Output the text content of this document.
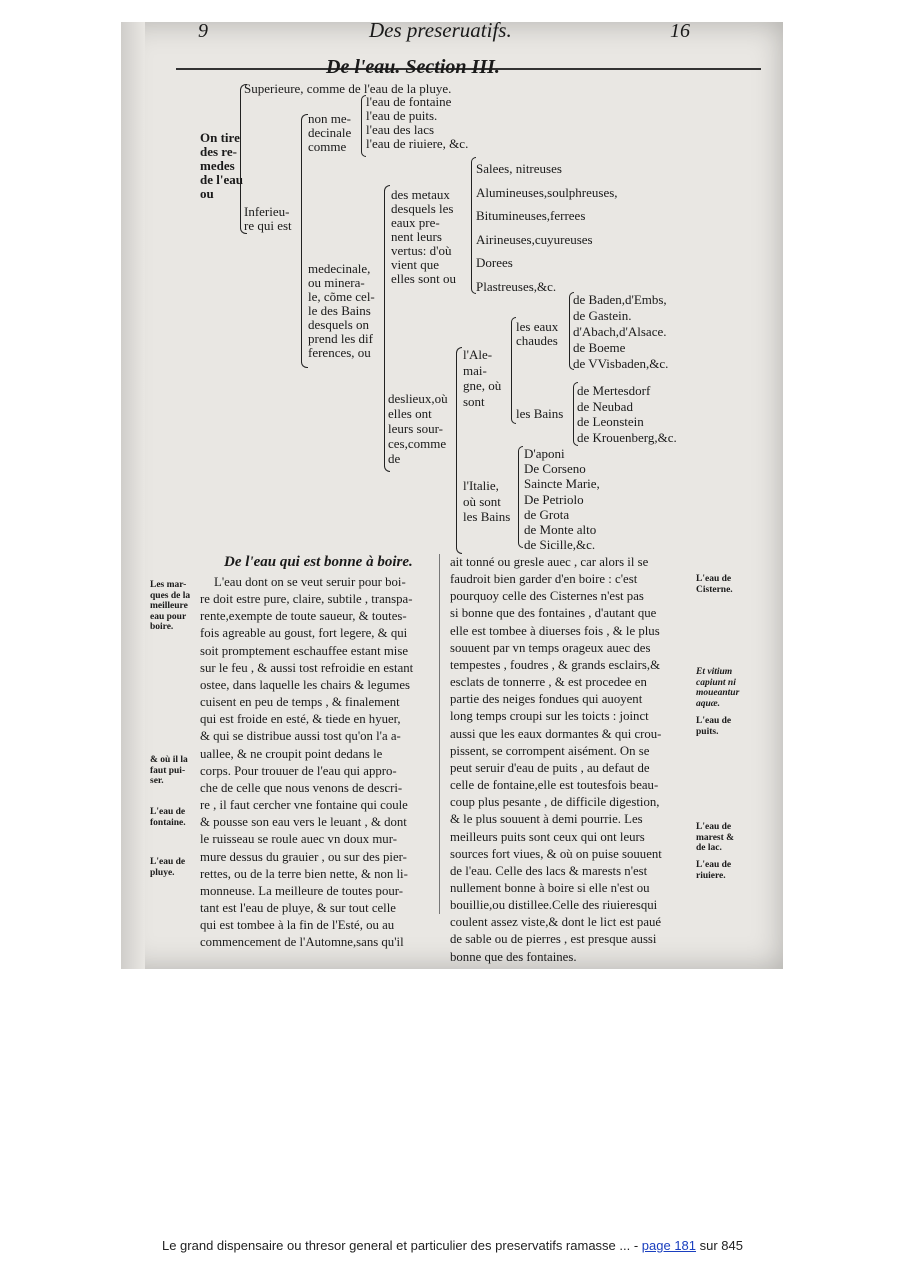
9	Des preseruatifs.	16
De l'eau. Section III.
On tire
des re-
medes
de l'eau
ou
Superieure, comme de l'eau de la pluye.
Inferieu-
re qui est
non me-
decinale
comme
l'eau de fontaine
l'eau de puits.
l'eau des lacs
l'eau de riuiere, &c.
medecinale,
ou minera-
le, cõme cel-
le des Bains
desquels on
prend les dif
ferences, ou
des metaux
desquels les
eaux pre-
nent leurs
vertus: d'où
vient que
elles sont ou
Salees, nitreuses
Alumineuses,soulphreuses,
Bitumineuses,ferrees
Airineuses,cuyureuses
Dorees
Plastreuses,&c.
deslieux,où
elles ont
leurs sour-
ces,comme
de
l'Ale-
mai-
gne, où
sont
les eaux
chaudes
de Baden,d'Embs,
de Gastein.
d'Abach,d'Alsace.
de Boeme
de VVisbaden,&c.
les Bains
de Mertesdorf
de Neubad
de Leonstein
de Krouenberg,&c.
l'Italie,
où sont
les Bains
D'aponi
De Corseno
Saincte Marie,
De Petriolo
de Grota
de Monte alto
de Sicille,&c.
De l'eau qui est bonne à boire.
Les mar-
ques de la
meilleure
eau pour
boire.
& où il la
faut pui-
ser.
L'eau de
fontaine.
L'eau de
pluye.
L'eau dont on se veut seruir pour boi-
re doit estre pure, claire, subtile , transpa-
rente,exempte de toute saueur, & toutes-
fois agreable au goust, fort legere, & qui
soit promptement eschauffee estant mise
sur le feu , & aussi tost refroidie en estant
ostee, dans laquelle les chairs & legumes
cuisent en peu de temps , & finalement
qui est froide en esté, & tiede en hyuer,
& qui se distribue aussi tost qu'on l'a a-
uallee, & ne croupit point dedans le
corps. Pour trouuer de l'eau qui appro-
che de celle que nous venons de descri-
re , il faut cercher vne fontaine qui coule
& pousse son eau vers le leuant , & dont
le ruisseau se roule auec vn doux mur-
mure dessus du grauier , ou sur des pier-
rettes, ou de la terre bien nette, & non li-
monneuse. La meilleure de toutes pour-
tant est l'eau de pluye, & sur tout celle
qui est tombee à la fin de l'Esté, ou au
commencement de l'Automne,sans qu'il
ait tonné ou gresle auec , car alors il se
faudroit bien garder d'en boire : c'est
pourquoy celle des Cisternes n'est pas
si bonne que des fontaines , d'autant que
elle est tombee à diuerses fois , & le plus
souuent par vn temps orageux auec des
tempestes , foudres , & grands esclairs,&
esclats de tonnerre , & est procedee en
partie des neiges fondues qui auoyent
long temps croupi sur les toicts : joinct
aussi que les eaux dormantes & qui crou-
pissent, se corrompent aisément. On se
peut seruir d'eau de puits , au defaut de
celle de fontaine,elle est toutesfois beau-
coup plus pesante , de difficile digestion,
& le plus souuent à demi pourrie. Les
meilleurs puits sont ceux qui ont leurs
sources fort viues, & où on puise souuent
de l'eau. Celle des lacs & marests n'est
nullement bonne à boire si elle n'est ou
bouillie,ou distillee.Celle des riuieresqui
coulent assez viste,& dont le lict est paué
de sable ou de pierres , est presque aussi
bonne que des fontaines.
L'eau de
Cisterne.
Et vitium
capiunt ni
moueantur
aquæ.
L'eau de
puits.
L'eau de
marest &
de lac.
L'eau de
riuiere.
Le grand dispensaire ou thresor general et particulier des preservatifs ramasse ... - page 181 sur 845
